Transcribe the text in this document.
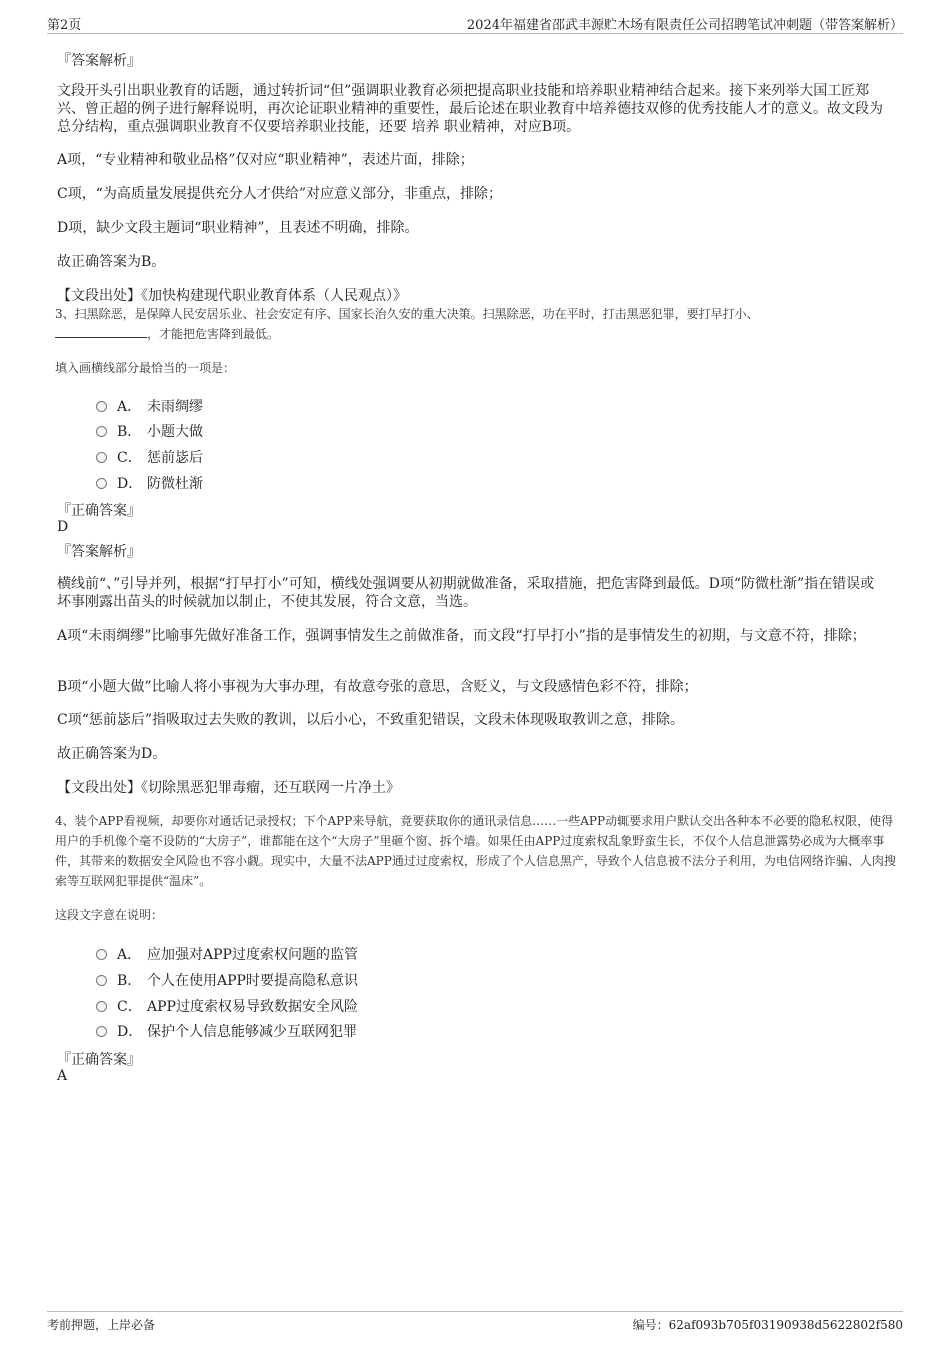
第2页	2024年福建省邵武丰源贮木场有限责任公司招聘笔试冲刺题（带答案解析）
『答案解析』
文段开头引出职业教育的话题，通过转折词“但”强调职业教育必须把提高职业技能和培养职业精神结合起来。接下来列举大国工匠郑兴、曾正超的例子进行解释说明，再次论证职业精神的重要性，最后论述在职业教育中培养德技双修的优秀技能人才的意义。故文段为总分结构，重点强调职业教育不仅要培养职业技能，还要 培养 职业精神，对应B项。
A项，“专业精神和敬业品格”仅对应“职业精神”，表述片面，排除；
C项，“为高质量发展提供充分人才供给”对应意义部分，非重点，排除；
D项，缺少文段主题词“职业精神”，且表述不明确，排除。
故正确答案为B。
【文段出处】《加快构建现代职业教育体系（人民观点）》
3、扫黑除恶，是保障人民安居乐业、社会安定有序、国家长治久安的重大决策。扫黑除恶，功在平时，打击黑恶犯罪，要打早打小、
，才能把危害降到最低。
填入画横线部分最恰当的一项是：
A． 未雨绸缪
B． 小题大做
C． 惩前毖后
D． 防微杜渐
『正确答案』
D
『答案解析』
横线前“、”引导并列，根据“打早打小”可知，横线处强调要从初期就做准备，采取措施，把危害降到最低。D项“防微杜渐”指在错误或坏事刚露出苗头的时候就加以制止，不使其发展，符合文意，当选。
A项“未雨绸缪”比喻事先做好准备工作，强调事情发生之前做准备，而文段“打早打小”指的是事情发生的初期，与文意不符，排除；
B项“小题大做”比喻人将小事视为大事办理，有故意夸张的意思，含贬义，与文段感情色彩不符，排除；
C项“惩前毖后”指吸取过去失败的教训，以后小心，不致重犯错误，文段未体现吸取教训之意，排除。
故正确答案为D。
【文段出处】《切除黑恶犯罪毒瘤，还互联网一片净土》
4、装个APP看视频，却要你对通话记录授权；下个APP来导航，竟要获取你的通讯录信息……一些APP动辄要求用户默认交出各种本不必要的隐私权限，使得用户的手机像个毫不设防的“大房子”，谁都能在这个“大房子”里砸个窗、拆个墙。如果任由APP过度索权乱象野蛮生长，不仅个人信息泄露势必成为大概率事件，其带来的数据安全风险也不容小觑。现实中，大量不法APP通过过度索权，形成了个人信息黑产，导致个人信息被不法分子利用，为电信网络诈骗、人肉搜索等互联网犯罪提供“温床”。
这段文字意在说明：
A． 应加强对APP过度索权问题的监管
B． 个人在使用APP时要提高隐私意识
C． APP过度索权易导致数据安全风险
D． 保护个人信息能够减少互联网犯罪
『正确答案』
A
考前押题，上岸必备	编号：62af093b705f03190938d5622802f580
